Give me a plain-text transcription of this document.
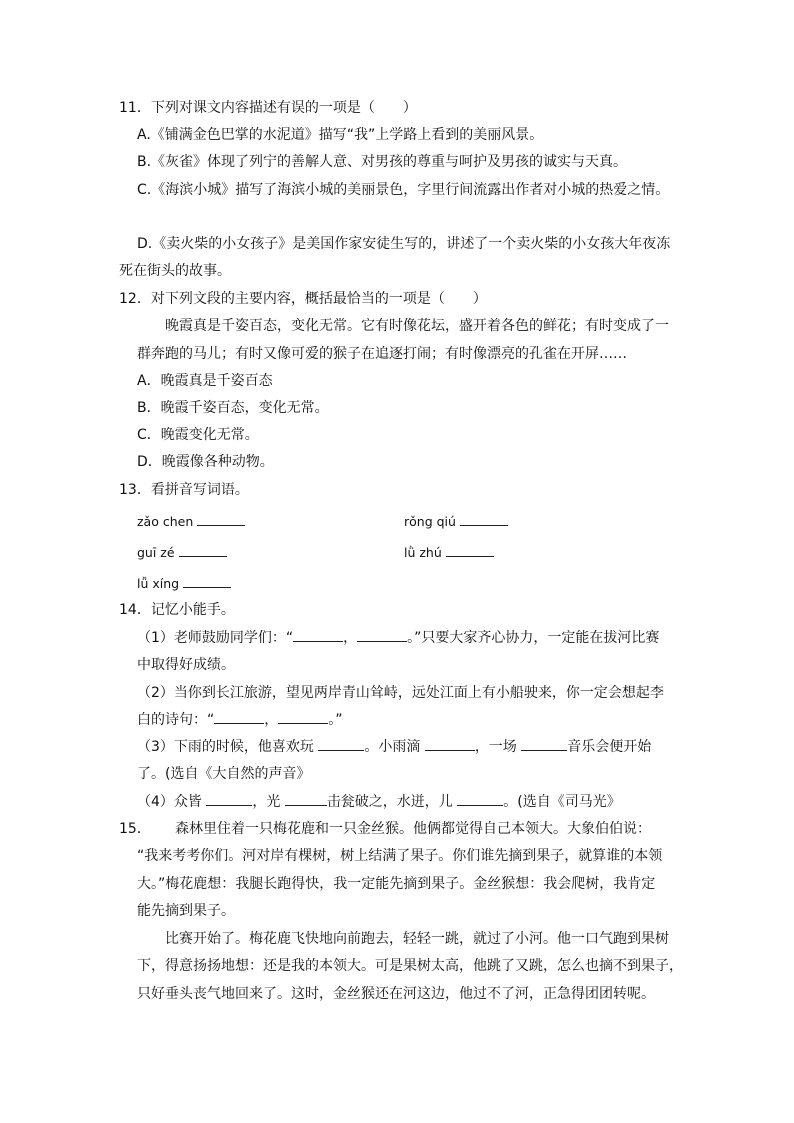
11．下列对课文内容描述有误的一项是（　　）
A.《铺满金色巴掌的水泥道》描写“我”上学路上看到的美丽风景。
B.《灰雀》体现了列宁的善解人意、对男孩的尊重与呵护及男孩的诚实与天真。
C.《海滨小城》描写了海滨小城的美丽景色，字里行间流露出作者对小城的热爱之情。
D.《卖火柴的小女孩子》是美国作家安徒生写的，讲述了一个卖火柴的小女孩大年夜冻
死在街头的故事。
12．对下列文段的主要内容，概括最恰当的一项是（　　）
晚霞真是千姿百态，变化无常。它有时像花坛，盛开着各色的鲜花；有时变成了一
群奔跑的马儿；有时又像可爱的猴子在追逐打闹；有时像漂亮的孔雀在开屏……
A．晚霞真是千姿百态
B．晚霞千姿百态，变化无常。
C．晚霞变化无常。
D．晚霞像各种动物。
13．看拼音写词语。
zǎo chen	rǒng qiú
guī zé	lǜ zhú
lǚ xíng
14．记忆小能手。
（1）老师鼓励同学们：“	，	。”只要大家齐心协力，一定能在拔河比赛
中取得好成绩。
（2）当你到长江旅游，望见两岸青山耸峙，远处江面上有小船驶来，你一定会想起李
白的诗句：“	，	。”
（3）下雨的时候，他喜欢玩	。小雨滴	，一场	音乐会便开始
了。(选自《大自然的声音》
（4）众皆	，光	击瓮破之，水迸，儿	。(选自《司马光》
15． 森林里住着一只梅花鹿和一只金丝猴。他俩都觉得自己本领大。大象伯伯说：
“我来考考你们。河对岸有棵树，树上结满了果子。你们谁先摘到果子，就算谁的本领
大。”梅花鹿想：我腿长跑得快，我一定能先摘到果子。金丝猴想：我会爬树，我肯定
能先摘到果子。
比赛开始了。梅花鹿飞快地向前跑去，轻轻一跳，就过了小河。他一口气跑到果树
下，得意扬扬地想：还是我的本领大。可是果树太高，他跳了又跳，怎么也摘不到果子，
只好垂头丧气地回来了。这时，金丝猴还在河这边，他过不了河，正急得团团转呢。
